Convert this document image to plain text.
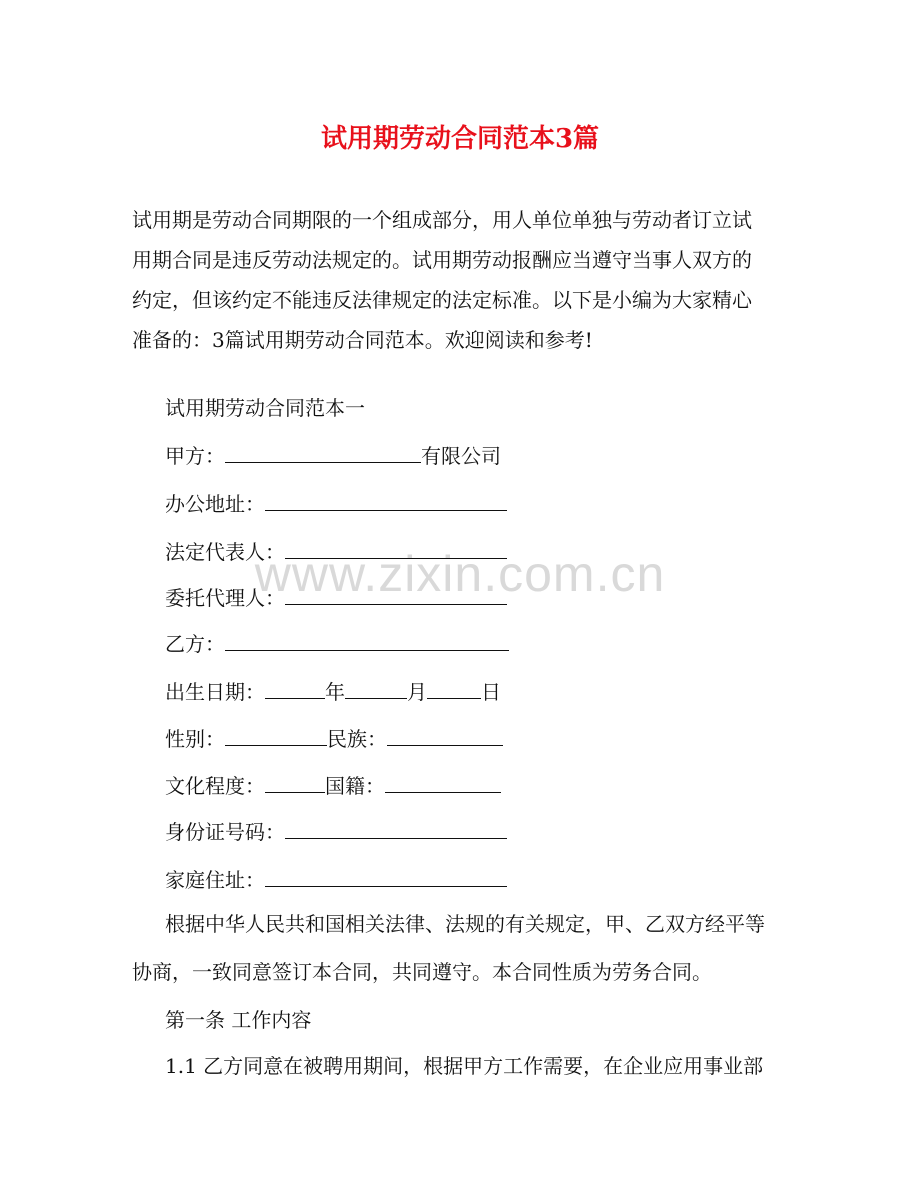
www.zixin.com.cn
试用期劳动合同范本3篇
试用期是劳动合同期限的一个组成部分，用人单位单独与劳动者订立试
用期合同是违反劳动法规定的。试用期劳动报酬应当遵守当事人双方的
约定，但该约定不能违反法律规定的法定标准。以下是小编为大家精心
准备的：3篇试用期劳动合同范本。欢迎阅读和参考!
试用期劳动合同范本一
甲方：	有限公司
办公地址：
法定代表人：
委托代理人：
乙方：
出生日期：	年	月	日
性别：	民族：
文化程度：	国籍：
身份证号码：
家庭住址：
根据中华人民共和国相关法律、法规的有关规定，甲、乙双方经平等
协商，一致同意签订本合同，共同遵守。本合同性质为劳务合同。
第一条 工作内容
1.1 乙方同意在被聘用期间，根据甲方工作需要，在企业应用事业部
